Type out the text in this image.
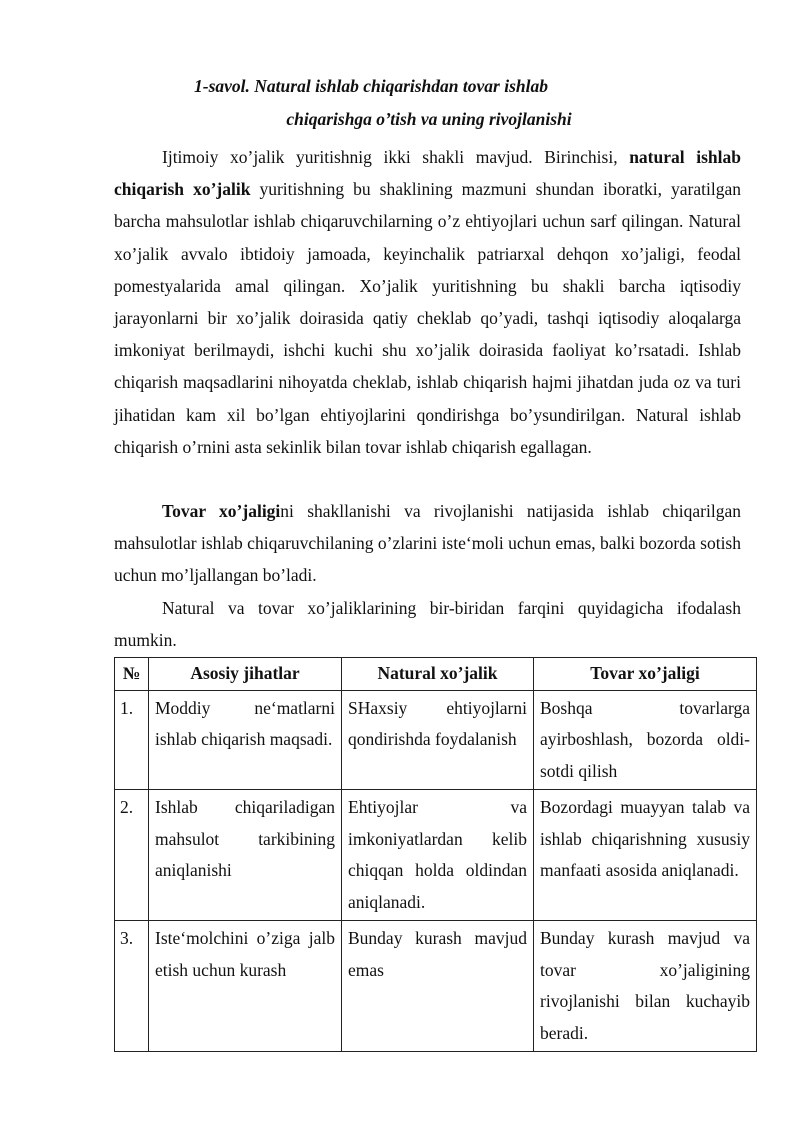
1-savol. Natural ishlab chiqarishdan tovar ishlab
chiqarishga o’tish va uning rivojlanishi
Ijtimoiy xo’jalik yuritishnig ikki shakli mavjud. Birinchisi, natural ishlab chiqarish xo’jalik yuritishning bu shaklining mazmuni shundan iboratki, yaratilgan barcha mahsulotlar ishlab chiqaruvchilarning o’z ehtiyojlari uchun sarf qilingan. Natural xo’jalik avvalo ibtidoiy jamoada, keyinchalik patriarxal dehqon xo’jaligi, feodal pomestyalarida amal qilingan. Xo’jalik yuritishning bu shakli barcha iqtisodiy jarayonlarni bir xo’jalik doirasida qatiy cheklab qo’yadi, tashqi iqtisodiy aloqalarga imkoniyat berilmaydi, ishchi kuchi shu xo’jalik doirasida faoliyat ko’rsatadi. Ishlab chiqarish maqsadlarini nihoyatda cheklab, ishlab chiqarish hajmi jihatdan juda oz va turi jihatidan kam xil bo’lgan ehtiyojlarini qondirishga bo’ysundirilgan. Natural ishlab chiqarish o’rnini asta sekinlik bilan tovar ishlab chiqarish egallagan.
Tovar xo’jaligini shakllanishi va rivojlanishi natijasida ishlab chiqarilgan mahsulotlar ishlab chiqaruvchilaning o’zlarini iste‘moli uchun emas, balki bozorda sotish uchun mo’ljallangan bo’ladi.
Natural va tovar xo’jaliklarining bir-biridan farqini quyidagicha ifodalash mumkin.
№	Asosiy jihatlar	Natural xo’jalik	Tovar xo’jaligi
1.	Moddiy ne‘matlarni ishlab chiqarish maqsadi.	SHaxsiy ehtiyojlarni qondirishda foydalanish	Boshqa tovarlarga ayirboshlash, bozorda oldi-sotdi qilish
2.	Ishlab chiqariladigan mahsulot tarkibining aniqlanishi	Ehtiyojlar va imkoniyatlardan kelib chiqqan holda oldindan aniqlanadi.	Bozordagi muayyan talab va ishlab chiqarishning xususiy manfaati asosida aniqlanadi.
3.	Iste‘molchini o’ziga jalb etish uchun kurash	Bunday kurash mavjud emas	Bunday kurash mavjud va tovar xo’jaligining rivojlanishi bilan kuchayib beradi.
